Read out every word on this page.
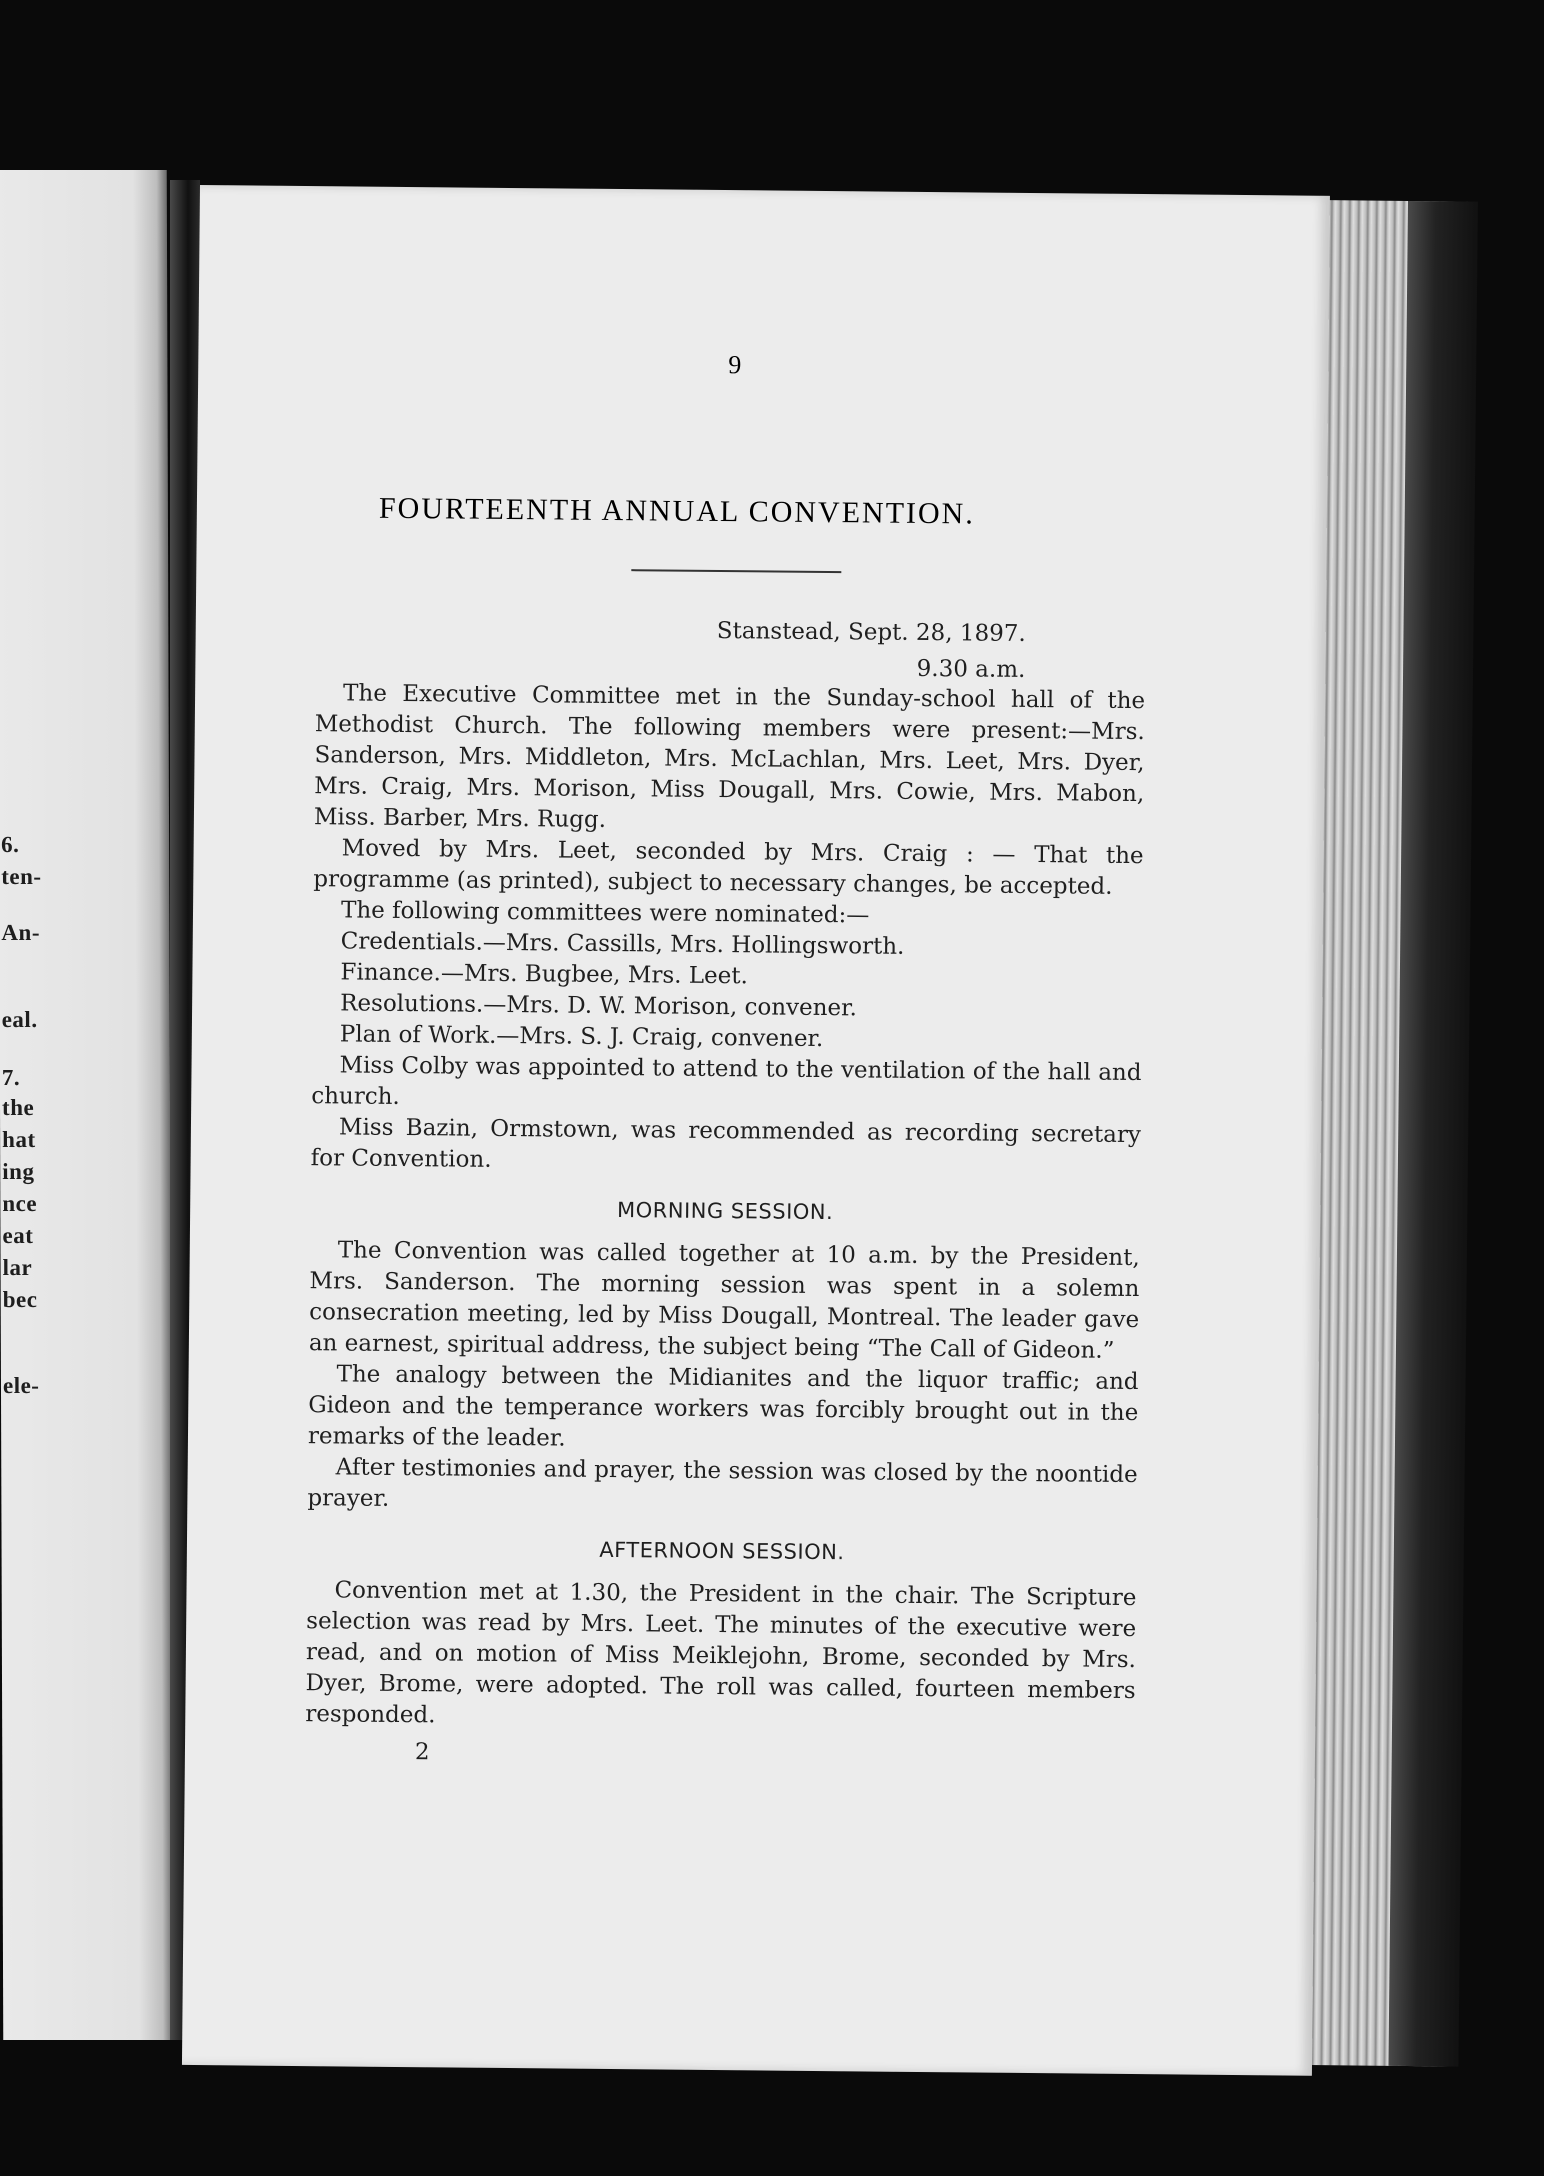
6.
ten-
An-
eal.
7.
the
hat
ing
nce
eat
lar
bec
ele-
9
FOURTEENTH ANNUAL CONVENTION.
Stanstead, Sept. 28, 1897.
9.30 a.m.

The Executive Committee met in the Sunday-school hall of the Methodist Church. The following members were present:—Mrs. Sanderson, Mrs. Middleton, Mrs. McLachlan, Mrs. Leet, Mrs. Dyer, Mrs. Craig, Mrs. Morison, Miss Dougall, Mrs. Cowie, Mrs. Mabon, Miss. Barber, Mrs. Rugg.

Moved by Mrs. Leet, seconded by Mrs. Craig : — That the programme (as printed), subject to necessary changes, be accepted.

The following committees were nominated:—

Credentials.—Mrs. Cassills, Mrs. Hollingsworth.

Finance.—Mrs. Bugbee, Mrs. Leet.

Resolutions.—Mrs. D. W. Morison, convener.

Plan of Work.—Mrs. S. J. Craig, convener.

Miss Colby was appointed to attend to the ventilation of the hall and church.

Miss Bazin, Ormstown, was recommended as recording secretary for Convention.

MORNING SESSION.

The Convention was called together at 10 a.m. by the President, Mrs. Sanderson. The morning session was spent in a solemn consecration meeting, led by Miss Dougall, Montreal. The leader gave an earnest, spiritual address, the subject being “The Call of Gideon.”

The analogy between the Midianites and the liquor traffic; and Gideon and the temperance workers was forcibly brought out in the remarks of the leader.

After testimonies and prayer, the session was closed by the noontide prayer.

AFTERNOON SESSION.

Convention met at 1.30, the President in the chair. The Scripture selection was read by Mrs. Leet. The minutes of the executive were read, and on motion of Miss Meiklejohn, Brome, seconded by Mrs. Dyer, Brome, were adopted. The roll was called, fourteen members responded.

2
